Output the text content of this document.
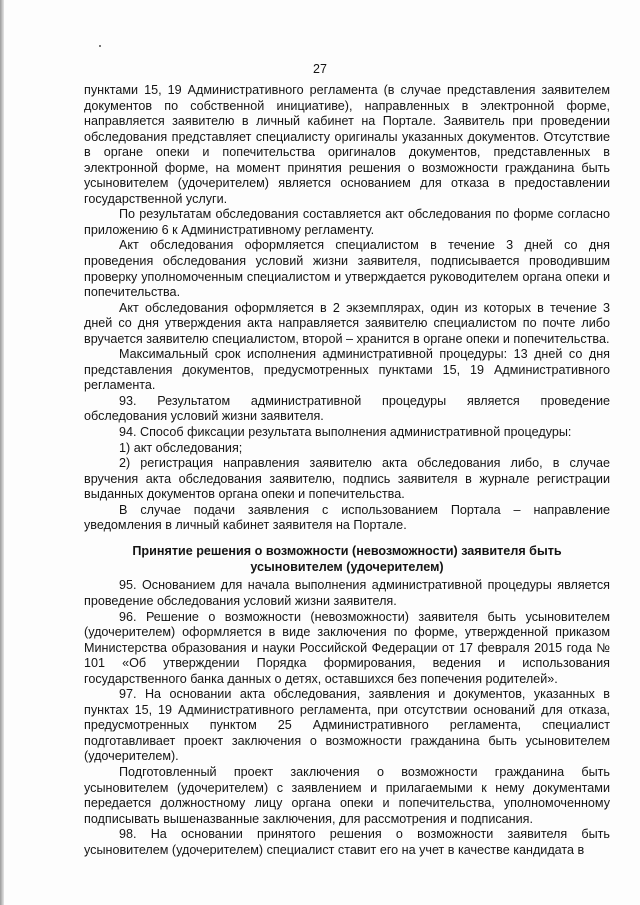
27

пунктами 15, 19 Административного регламента (в случае представления заявителем документов по собственной инициативе), направленных в электронной форме, направляется заявителю в личный кабинет на Портале. Заявитель при проведении обследования представляет специалисту оригиналы указанных документов. Отсутствие в органе опеки и попечительства оригиналов документов, представленных в электронной форме, на момент принятия решения о возможности гражданина быть усыновителем (удочерителем) является основанием для отказа в предоставлении государственной услуги.

По результатам обследования составляется акт обследования по форме согласно приложению 6 к Административному регламенту.

Акт обследования оформляется специалистом в течение 3 дней со дня проведения обследования условий жизни заявителя, подписывается проводившим проверку уполномоченным специалистом и утверждается руководителем органа опеки и попечительства.

Акт обследования оформляется в 2 экземплярах, один из которых в течение 3 дней со дня утверждения акта направляется заявителю специалистом по почте либо вручается заявителю специалистом, второй – хранится в органе опеки и попечительства.

Максимальный срок исполнения административной процедуры: 13 дней со дня представления документов, предусмотренных пунктами 15, 19 Административного регламента.

93. Результатом административной процедуры является проведение обследования условий жизни заявителя.

94. Способ фиксации результата выполнения административной процедуры:

1) акт обследования;

2) регистрация направления заявителю акта обследования либо, в случае вручения акта обследования заявителю, подпись заявителя в журнале регистрации выданных документов органа опеки и попечительства.

В случае подачи заявления с использованием Портала – направление уведомления в личный кабинет заявителя на Портале.

Принятие решения о возможности (невозможности) заявителя быть
усыновителем (удочерителем)

95. Основанием для начала выполнения административной процедуры является проведение обследования условий жизни заявителя.

96. Решение о возможности (невозможности) заявителя быть усыновителем (удочерителем) оформляется в виде заключения по форме, утвержденной приказом Министерства образования и науки Российской Федерации от 17 февраля 2015 года № 101 «Об утверждении Порядка формирования, ведения и использования государственного банка данных о детях, оставшихся без попечения родителей».

97. На основании акта обследования, заявления и документов, указанных в пунктах 15, 19 Административного регламента, при отсутствии оснований для отказа, предусмотренных пунктом 25 Административного регламента, специалист подготавливает проект заключения о возможности гражданина быть усыновителем (удочерителем).

Подготовленный проект заключения о возможности гражданина быть усыновителем (удочерителем) с заявлением и прилагаемыми к нему документами передается должностному лицу органа опеки и попечительства, уполномоченному подписывать вышеназванные заключения, для рассмотрения и подписания.

98. На основании принятого решения о возможности заявителя быть усыновителем (удочерителем) специалист ставит его на учет в качестве кандидата в
